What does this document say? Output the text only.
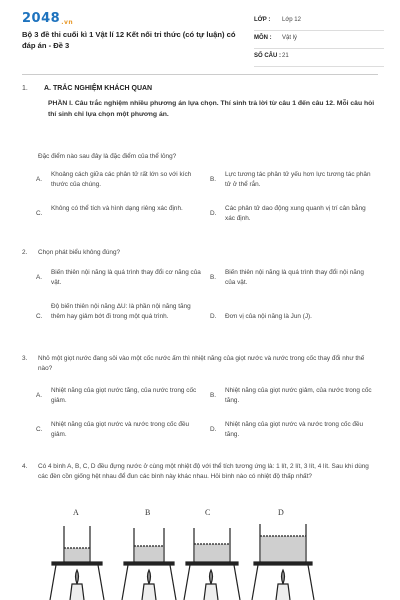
2048.vn
Bộ 3 đề thi cuối kì 1 Vật lí 12 Kết nối tri thức (có tự luận) có đáp án - Đề 3
LỚP : Lớp 12
MÔN : Vật lý
SỐ CÂU : 21
1. A. TRẮC NGHIỆM KHÁCH QUAN
PHẦN I. Câu trắc nghiệm nhiều phương án lựa chọn. Thí sinh trả lời từ câu 1 đến câu 12. Mỗi câu hỏi thí sinh chỉ lựa chọn một phương án.
Đặc điểm nào sau đây là đặc điểm của thể lỏng?
A.
Khoảng cách giữa các phân tử rất lớn so với kích thước của chúng.
B.
Lực tương tác phân tử yếu hơn lực tương tác phân tử ở thể rắn.
C.
Không có thể tích và hình dạng riêng xác định.
D.
Các phân tử dao động xung quanh vị trí cân bằng xác định.
2.	Chọn phát biểu không đúng?
A.
Biến thiên nội năng là quá trình thay đổi cơ năng của vật.
B.
Biến thiên nội năng là quá trình thay đổi nội năng của vật.
C.
Độ biến thiên nội năng ΔU: là phần nội năng tăng thêm hay giảm bớt đi trong một quá trình.	D.	Đơn vị của nội năng là Jun (J).
3.	Nhỏ một giọt nước đang sôi vào một cốc nước ấm thì nhiệt năng của giọt nước và nước trong cốc thay đổi như thế nào?
A.
Nhiệt năng của giọt nước tăng, của nước trong cốc giảm.
B.
Nhiệt năng của giọt nước giảm, của nước trong cốc tăng.
C.
Nhiệt năng của giọt nước và nước trong cốc đều giảm.
D.
Nhiệt năng của giọt nước và nước trong cốc đều tăng.
4.	Có 4 bình A, B, C, D đều đựng nước ở cùng một nhiệt độ với thể tích tương ứng là: 1 lít, 2 lít, 3 lít, 4 lít. Sau khi dùng các đèn cồn giống hệt nhau để đun các bình này khác nhau. Hỏi bình nào có nhiệt độ thấp nhất?
A	B	C	D
